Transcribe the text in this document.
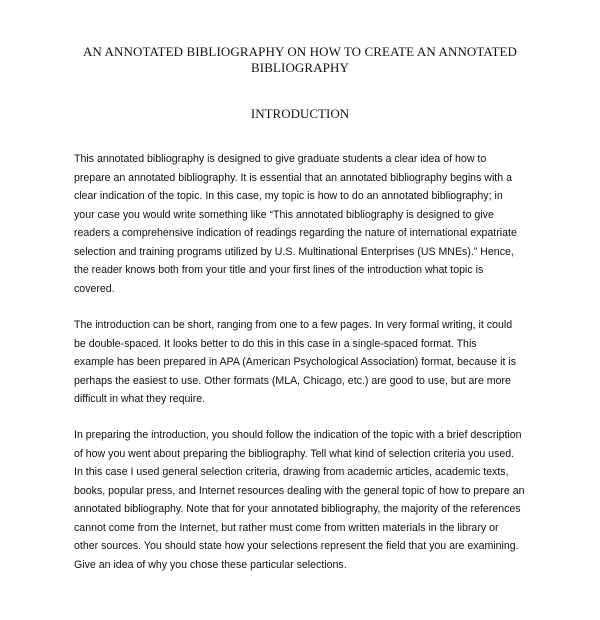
AN ANNOTATED BIBLIOGRAPHY ON HOW TO CREATE AN ANNOTATED BIBLIOGRAPHY
INTRODUCTION
This annotated bibliography is designed to give graduate students a clear idea of how to
prepare an annotated bibliography. It is essential that an annotated bibliography begins with a
clear indication of the topic. In this case, my topic is how to do an annotated bibliography; in
your case you would write something like “This annotated bibliography is designed to give
readers a comprehensive indication of readings regarding the nature of international expatriate
selection and training programs utilized by U.S. Multinational Enterprises (US MNEs).” Hence,
the reader knows both from your title and your first lines of the introduction what topic is
covered.
The introduction can be short, ranging from one to a few pages. In very formal writing, it could
be double-spaced. It looks better to do this in this case in a single-spaced format. This
example has been prepared in APA (American Psychological Association) format, because it is
perhaps the easiest to use. Other formats (MLA, Chicago, etc.) are good to use, but are more
difficult in what they require.
In preparing the introduction, you should follow the indication of the topic with a brief description
of how you went about preparing the bibliography. Tell what kind of selection criteria you used.
In this case I used general selection criteria, drawing from academic articles, academic texts,
books, popular press, and Internet resources dealing with the general topic of how to prepare an
annotated bibliography. Note that for your annotated bibliography, the majority of the references
cannot come from the Internet, but rather must come from written materials in the library or
other sources. You should state how your selections represent the field that you are examining.
Give an idea of why you chose these particular selections.
